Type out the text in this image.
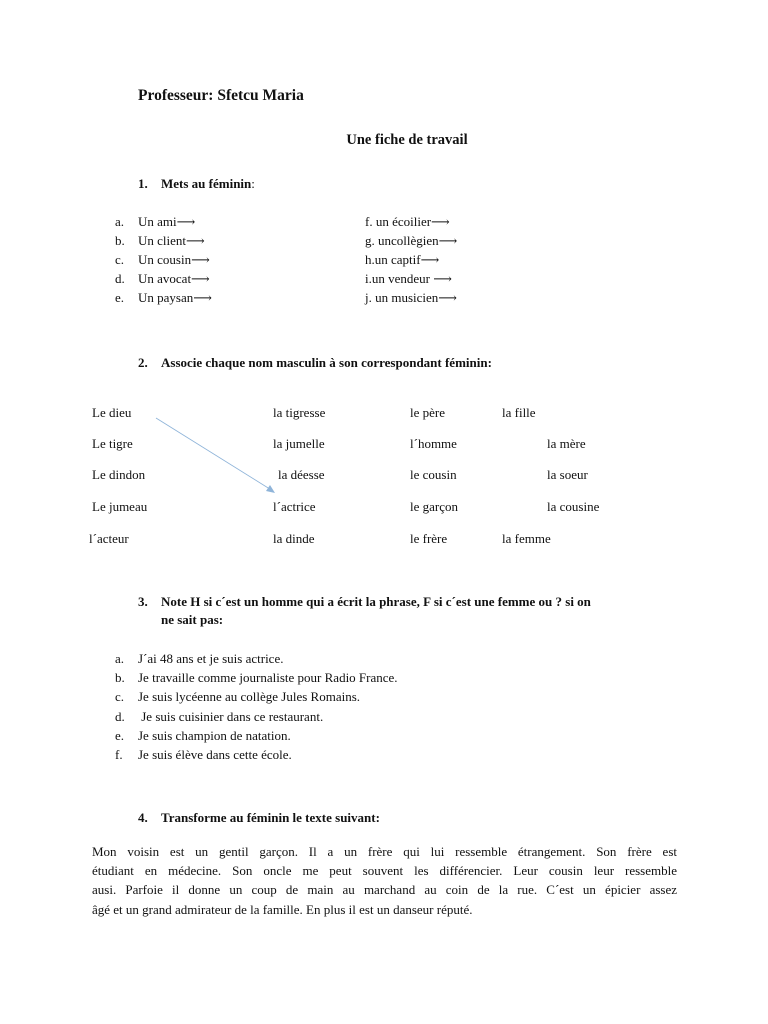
Professeur: Sfetcu Maria
Une fiche de travail
1. Mets au féminin:
a. Un ami⟶
b. Un client⟶
c. Un cousin⟶
d. Un avocat⟶
e. Un paysan⟶
f. un écoilier⟶
g. uncollègien⟶
h.un captif⟶
i.un vendeur ⟶
j. un musicien⟶
2. Associe chaque nom masculin à son correspondant féminin:
Le dieu
Le tigre
Le dindon
Le jumeau
l´acteur
la tigresse
la jumelle
la déesse
l´actrice
la dinde
le père
l´homme
le cousin
le garçon
le frère
la fille
la mère
la soeur
la cousine
la femme
3. Note H si c´est un homme qui a écrit la phrase, F si c´est une femme ou ? si on
ne sait pas:
a. J´ai 48 ans et je suis actrice.
b. Je travaille comme journaliste pour Radio France.
c. Je suis lycéenne au collège Jules Romains.
d. Je suis cuisinier dans ce restaurant.
e. Je suis champion de natation.
f. Je suis élève dans cette école.
4. Transforme au féminin le texte suivant:
Mon voisin est un gentil garçon. Il a un frère qui lui ressemble étrangement. Son frère est
étudiant en médecine. Son oncle me peut souvent les différencier. Leur cousin leur ressemble
ausi. Parfoie il donne un coup de main au marchand au coin de la rue. C´est un épicier assez
âgé et un grand admirateur de la famille. En plus il est un danseur réputé.
